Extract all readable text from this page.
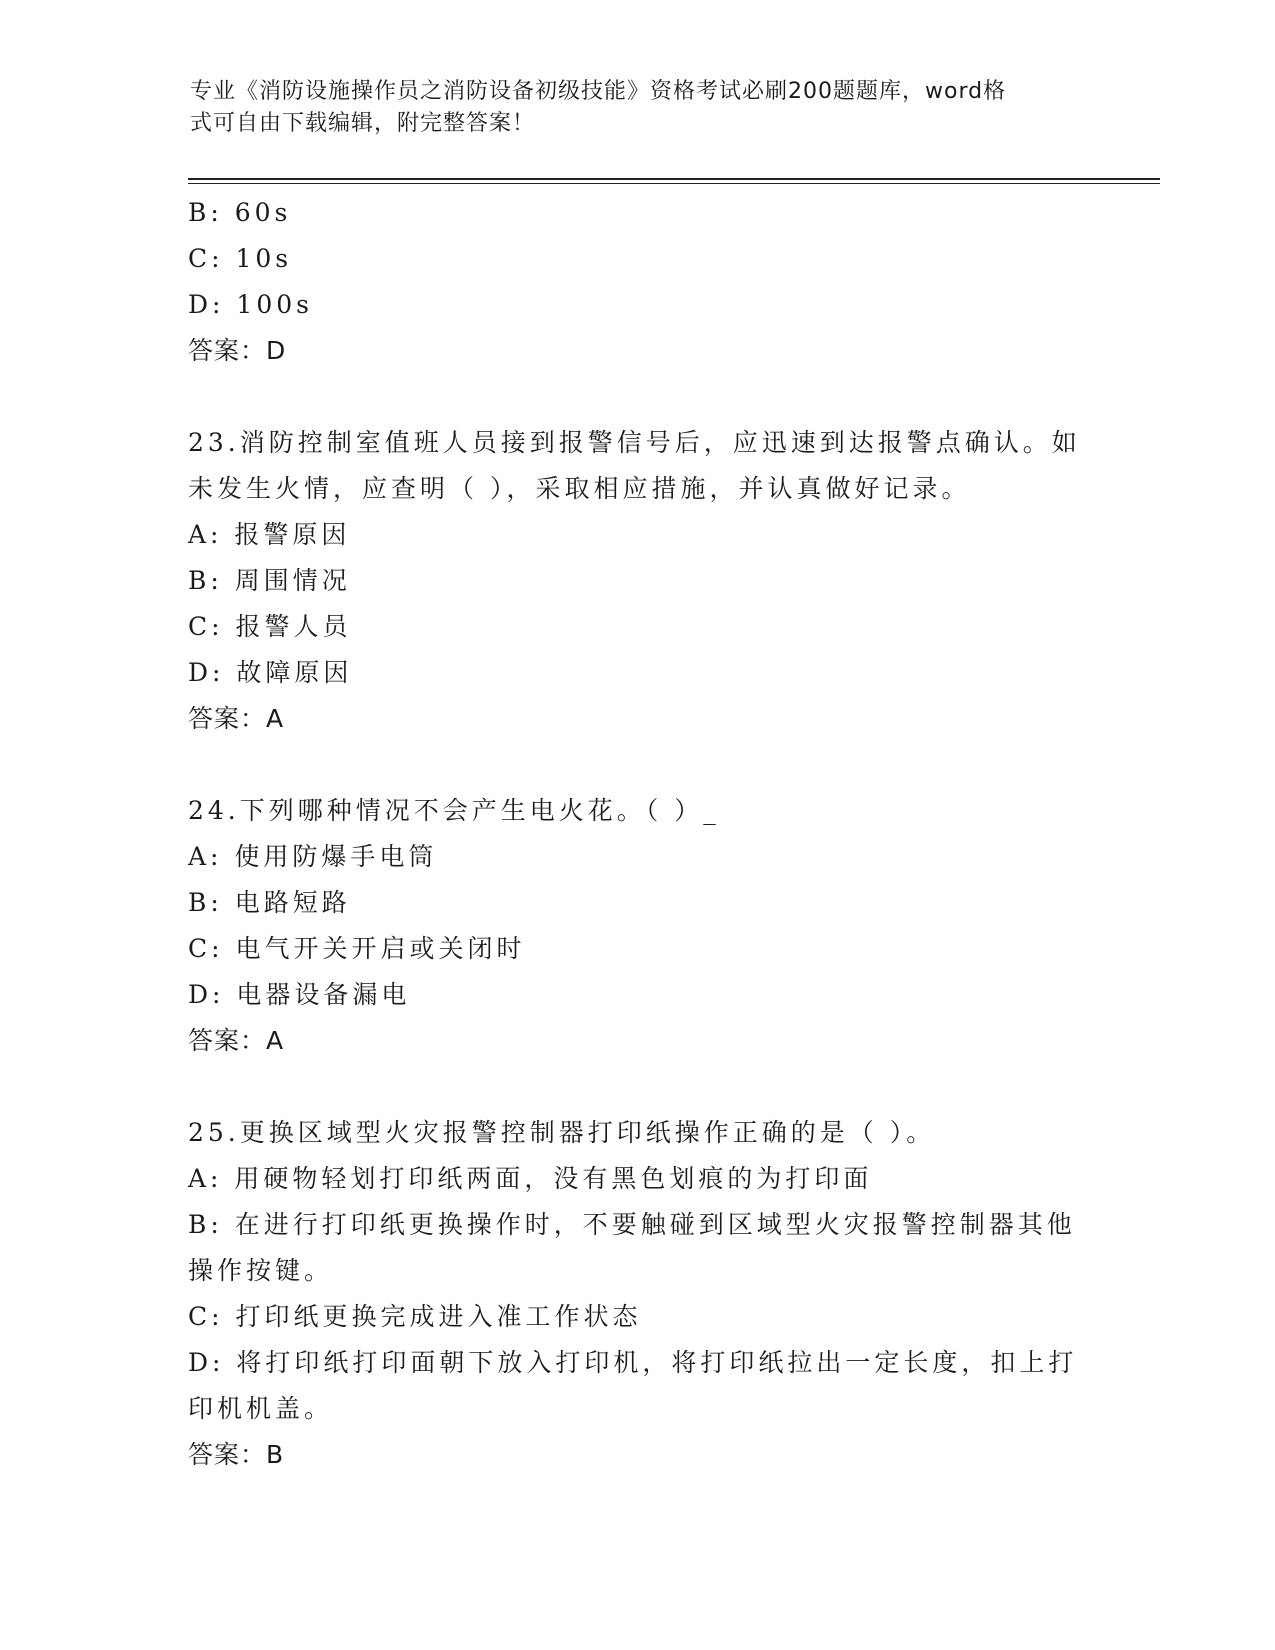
专业《消防设施操作员之消防设备初级技能》资格考试必刷200题题库，word格
式可自由下载编辑，附完整答案！
B: 60s
C: 10s
D: 100s
答案：D
23.消防控制室值班人员接到报警信号后，应迅速到达报警点确认。如
未发生火情，应查明（ ），采取相应措施，并认真做好记录。
A: 报警原因
B: 周围情况
C: 报警人员
D: 故障原因
答案：A
24.下列哪种情况不会产生电火花。（ ）_
A: 使用防爆手电筒
B: 电路短路
C: 电气开关开启或关闭时
D: 电器设备漏电
答案：A
25.更换区域型火灾报警控制器打印纸操作正确的是（ ）。
A: 用硬物轻划打印纸两面，没有黑色划痕的为打印面
B: 在进行打印纸更换操作时，不要触碰到区域型火灾报警控制器其他
操作按键。
C: 打印纸更换完成进入准工作状态
D: 将打印纸打印面朝下放入打印机，将打印纸拉出一定长度，扣上打
印机机盖。
答案：B
